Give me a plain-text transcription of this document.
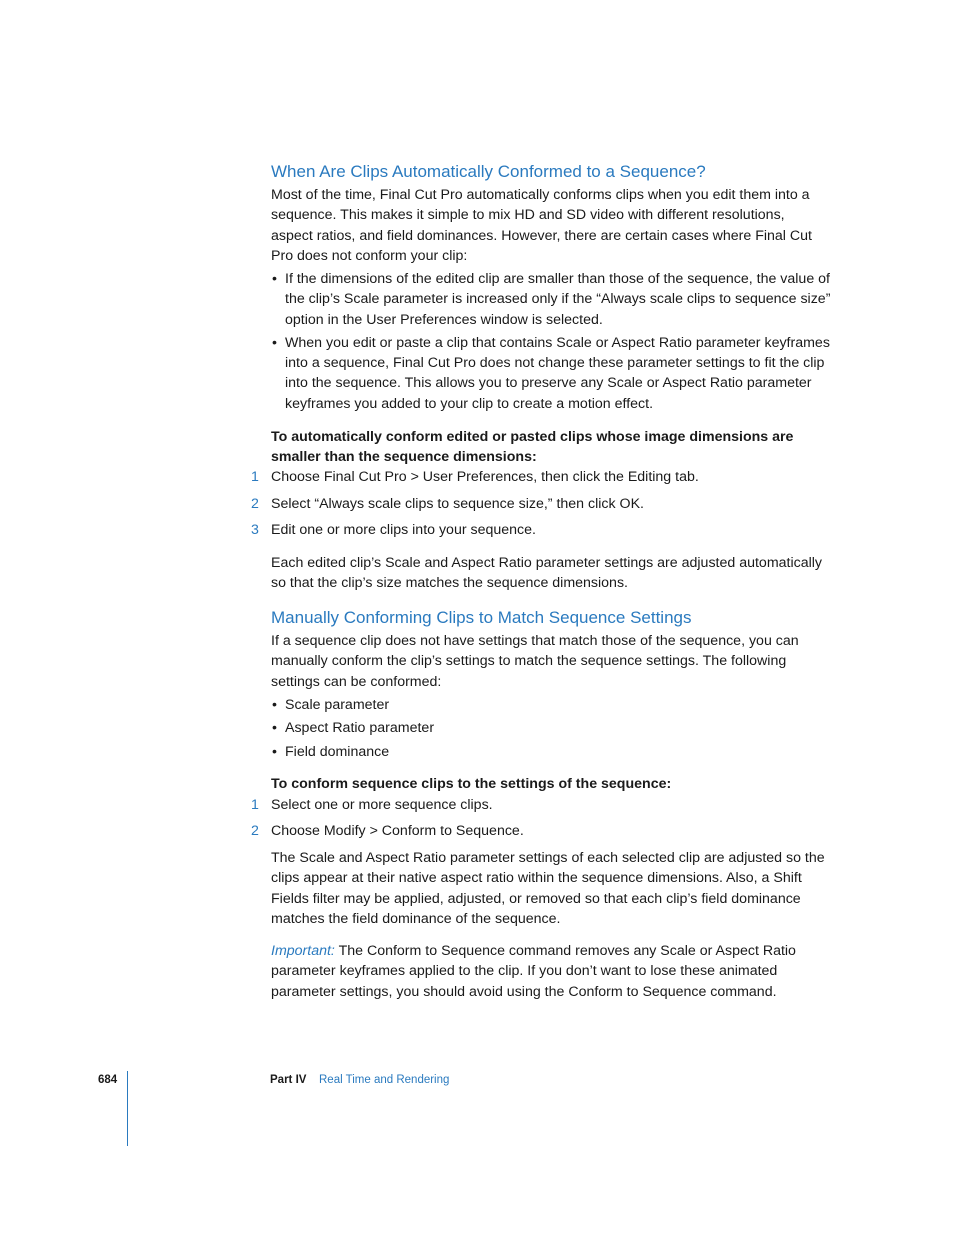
When Are Clips Automatically Conformed to a Sequence?
Most of the time, Final Cut Pro automatically conforms clips when you edit them into a sequence. This makes it simple to mix HD and SD video with different resolutions, aspect ratios, and field dominances. However, there are certain cases where Final Cut Pro does not conform your clip:

• If the dimensions of the edited clip are smaller than those of the sequence, the value of the clip’s Scale parameter is increased only if the “Always scale clips to sequence size” option in the User Preferences window is selected.

• When you edit or paste a clip that contains Scale or Aspect Ratio parameter keyframes into a sequence, Final Cut Pro does not change these parameter settings to fit the clip into the sequence. This allows you to preserve any Scale or Aspect Ratio parameter keyframes you added to your clip to create a motion effect.

To automatically conform edited or pasted clips whose image dimensions are smaller than the sequence dimensions:
1 Choose Final Cut Pro > User Preferences, then click the Editing tab.
2 Select “Always scale clips to sequence size,” then click OK.
3 Edit one or more clips into your sequence.
Each edited clip’s Scale and Aspect Ratio parameter settings are adjusted automatically so that the clip’s size matches the sequence dimensions.
Manually Conforming Clips to Match Sequence Settings
If a sequence clip does not have settings that match those of the sequence, you can manually conform the clip’s settings to match the sequence settings. The following settings can be conformed:

• Scale parameter

• Aspect Ratio parameter

• Field dominance

To conform sequence clips to the settings of the sequence:
1 Select one or more sequence clips.
2 Choose Modify > Conform to Sequence.
The Scale and Aspect Ratio parameter settings of each selected clip are adjusted so the clips appear at their native aspect ratio within the sequence dimensions. Also, a Shift Fields filter may be applied, adjusted, or removed so that each clip’s field dominance matches the field dominance of the sequence.
Important: The Conform to Sequence command removes any Scale or Aspect Ratio parameter keyframes applied to the clip. If you don’t want to lose these animated parameter settings, you should avoid using the Conform to Sequence command.
684	Part IV Real Time and Rendering
